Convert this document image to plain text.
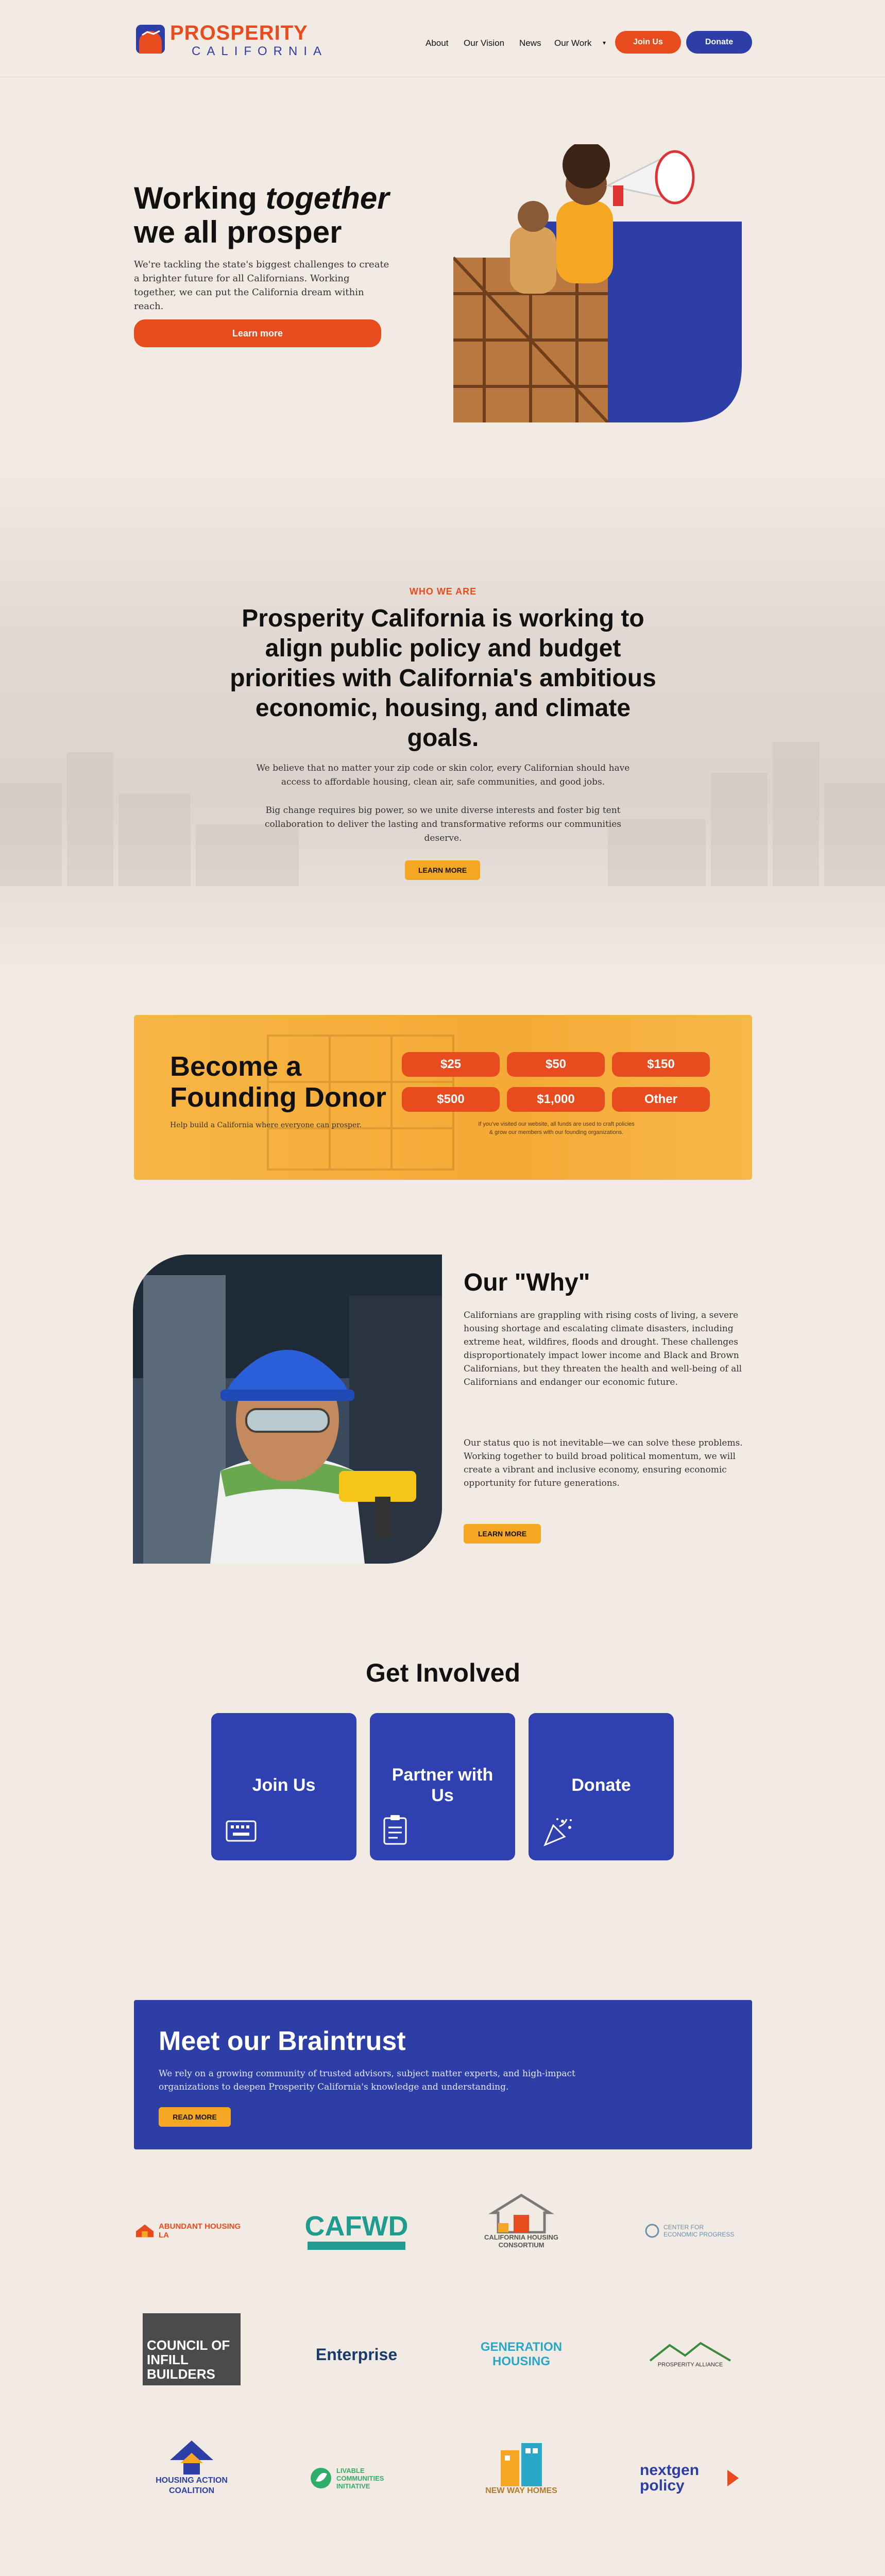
PROSPERITY
CALIFORNIA
About Our Vision News Our Work ▾	Join Us	Donate
Working together
we all prosper
We're tackling the state's biggest challenges to create a brighter future for all Californians. Working together, we can put the California dream within reach.
Learn more
WHO WE ARE
Prosperity California is working to align public policy and budget priorities with California's ambitious economic, housing, and climate goals.
We believe that no matter your zip code or skin color, every Californian should have access to affordable housing, clean air, safe communities, and good jobs.
Big change requires big power, so we unite diverse interests and foster big tent collaboration to deliver the lasting and transformative reforms our communities deserve.
LEARN MORE
Become a
Founding Donor
Help build a California where everyone can prosper.
$25	$50	$150
$500	$1,000	Other
If you've visited our website, all funds are used to craft policies
& grow our members with our founding organizations.
Our "Why"
Californians are grappling with rising costs of living, a severe housing shortage and escalating climate disasters, including extreme heat, wildfires, floods and drought. These challenges disproportionately impact lower income and Black and Brown Californians, but they threaten the health and well-being of all Californians and endanger our economic future.
Our status quo is not inevitable—we can solve these problems. Working together to build broad political momentum, we will create a vibrant and inclusive economy, ensuring economic opportunity for future generations.
LEARN MORE
Get Involved
Join Us
Partner with Us
Donate
Meet our Braintrust
We rely on a growing community of trusted advisors, subject matter experts, and high-impact organizations to deepen Prosperity California's knowledge and understanding.
READ MORE
ABUNDANT HOUSING LA	CAFWD	CALIFORNIA HOUSING CONSORTIUM
CENTER FOR ECONOMIC PROGRESS
COUNCIL OF INFILL BUILDERS
Enterprise	GENERATION HOUSING	PROSPERITY ALLIANCE
HOUSING ACTION COALITION
LIVABLE COMMUNITIES INITIATIVE
NEW WAY HOMES
nextgen policy
